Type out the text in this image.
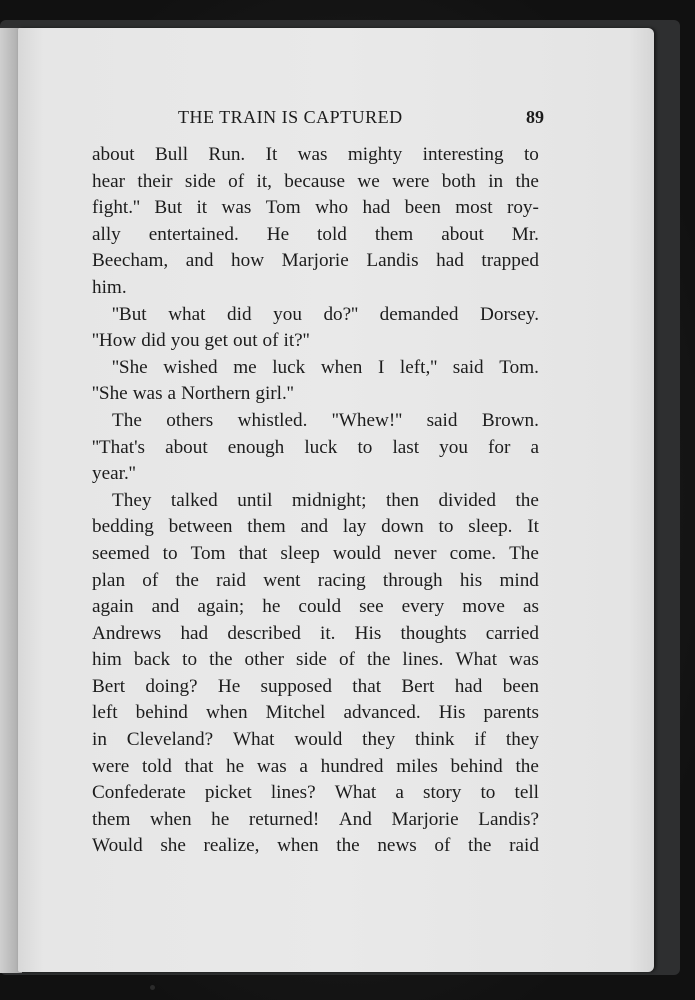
THE TRAIN IS CAPTURED	89
about Bull Run. It was mighty interesting to
hear their side of it, because we were both in the
fight.'' But it was Tom who had been most roy-
ally entertained. He told them about Mr.
Beecham, and how Marjorie Landis had trapped
him.
''But what did you do?'' demanded Dorsey.
''How did you get out of it?''
''She wished me luck when I left,'' said Tom.
''She was a Northern girl.''
The others whistled. ''Whew!'' said Brown.
''That's about enough luck to last you for a
year.''
They talked until midnight; then divided the
bedding between them and lay down to sleep. It
seemed to Tom that sleep would never come. The
plan of the raid went racing through his mind
again and again; he could see every move as
Andrews had described it. His thoughts carried
him back to the other side of the lines. What was
Bert doing? He supposed that Bert had been
left behind when Mitchel advanced. His parents
in Cleveland? What would they think if they
were told that he was a hundred miles behind the
Confederate picket lines? What a story to tell
them when he returned! And Marjorie Landis?
Would she realize, when the news of the raid
